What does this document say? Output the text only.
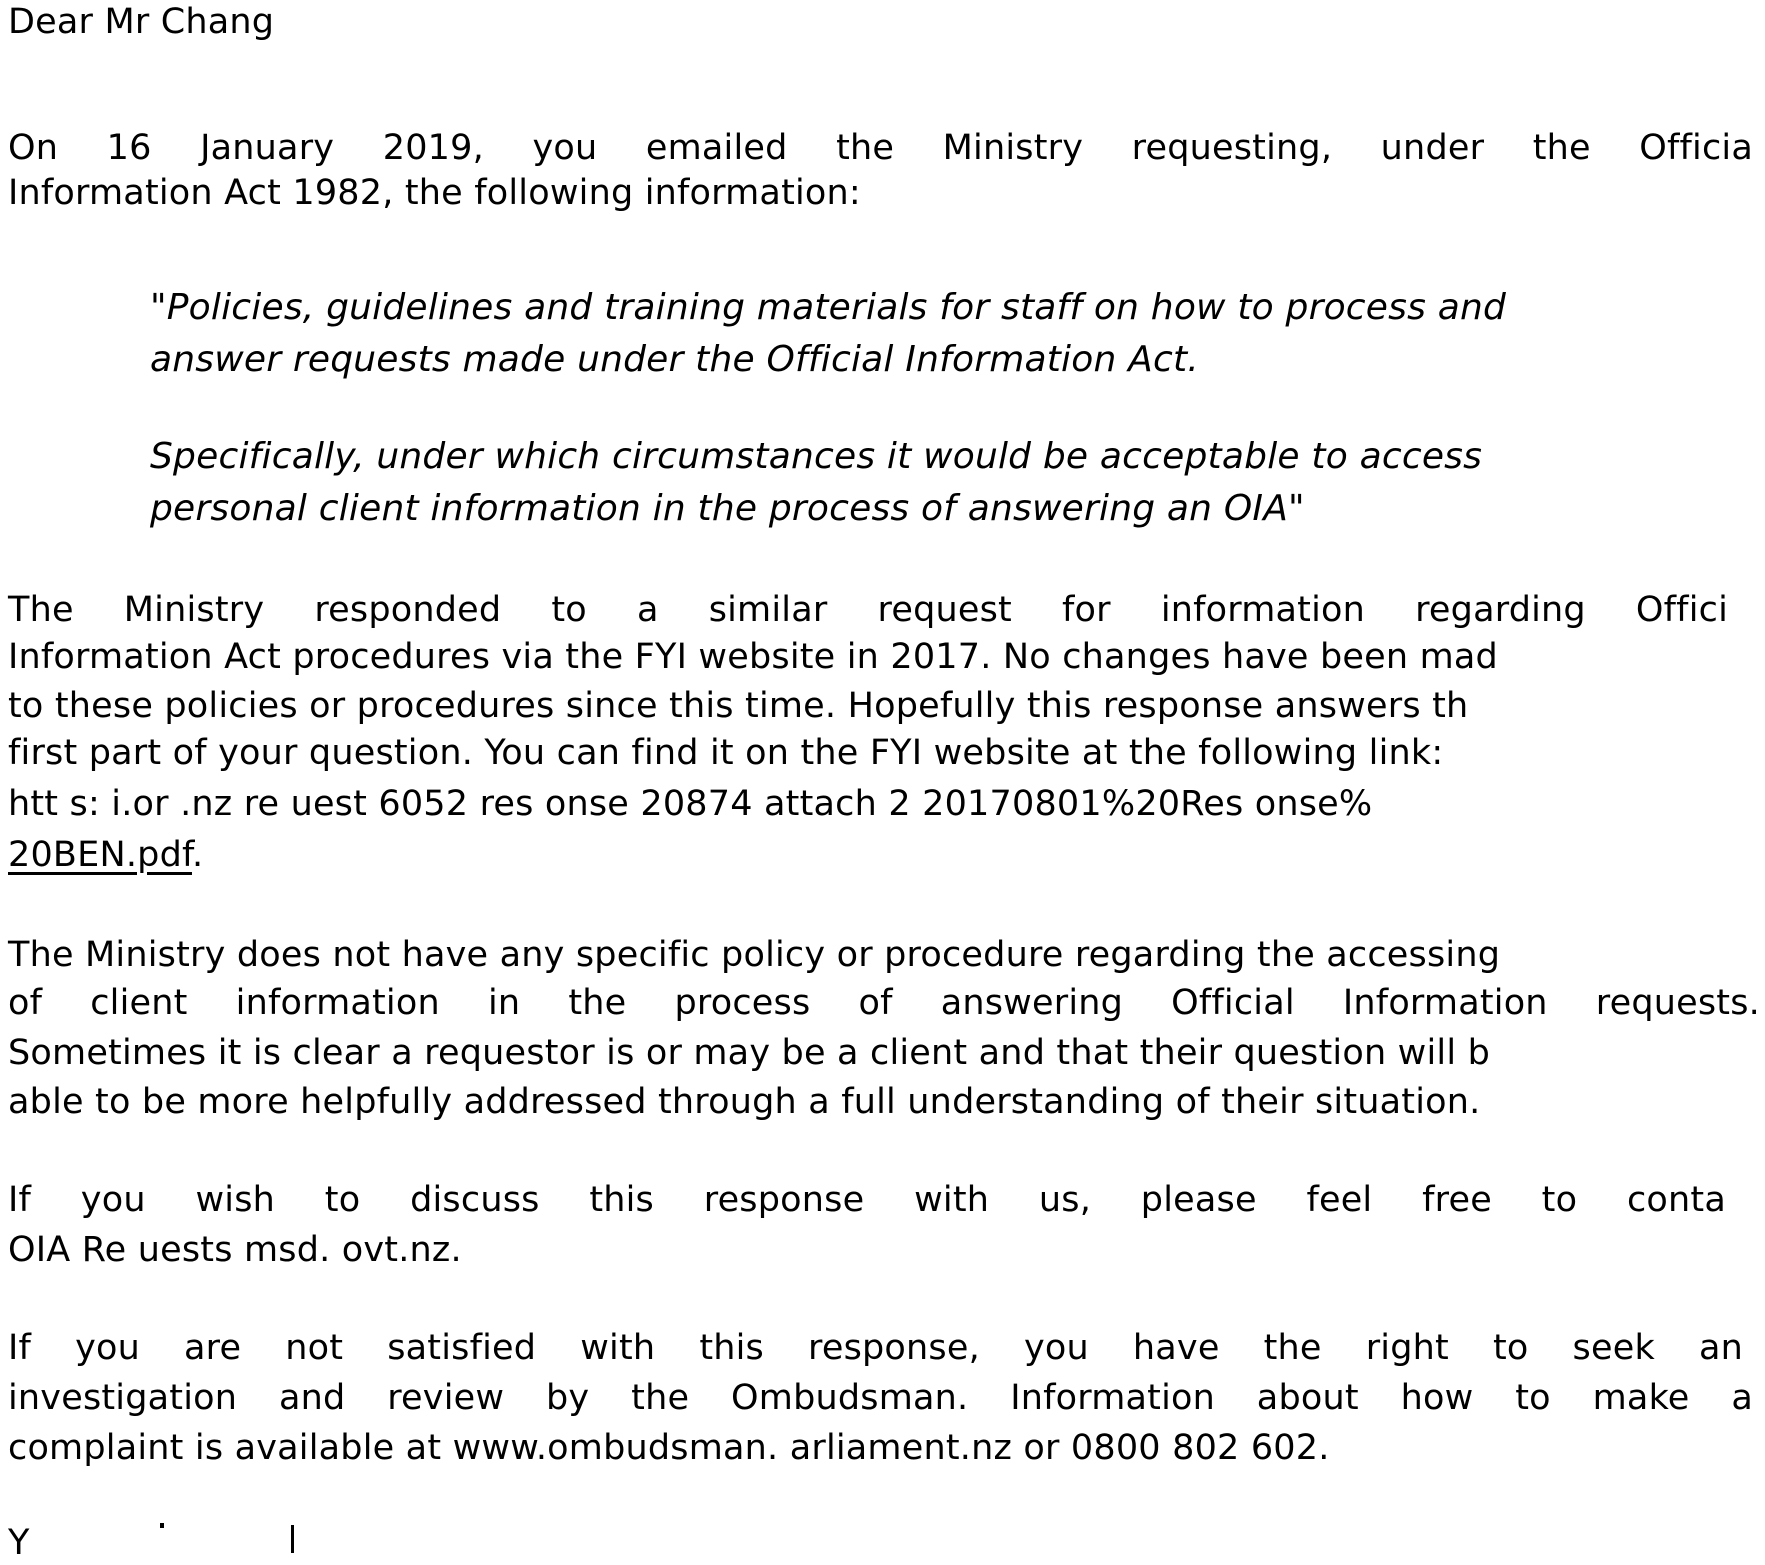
Dear Mr Chang
On 16 January 2019, you emailed the Ministry requesting, under the Officia
Information Act 1982, the following information:
"Policies, guidelines and training materials for staff on how to process and
answer requests made under the Official Information Act.
Specifically, under which circumstances it would be acceptable to access
personal client information in the process of answering an OIA"
The Ministry responded to a similar request for information regarding Offici
Information Act procedures via the FYI website in 2017. No changes have been mad
to these policies or procedures since this time. Hopefully this response answers th
first part of your question. You can find it on the FYI website at the following link:
htt s: i.or .nz re uest 6052 res onse 20874 attach 2 20170801%20Res onse%
20BEN.pdf.
The Ministry does not have any specific policy or procedure regarding the accessing
of client information in the process of answering Official Information requests.
Sometimes it is clear a requestor is or may be a client and that their question will b
able to be more helpfully addressed through a full understanding of their situation.
If you wish to discuss this response with us, please feel free to conta
OIA Re uests msd. ovt.nz.
If you are not satisfied with this response, you have the right to seek an
investigation and review by the Ombudsman. Information about how to make a
complaint is available at www.ombudsman. arliament.nz or 0800 802 602.
Y
